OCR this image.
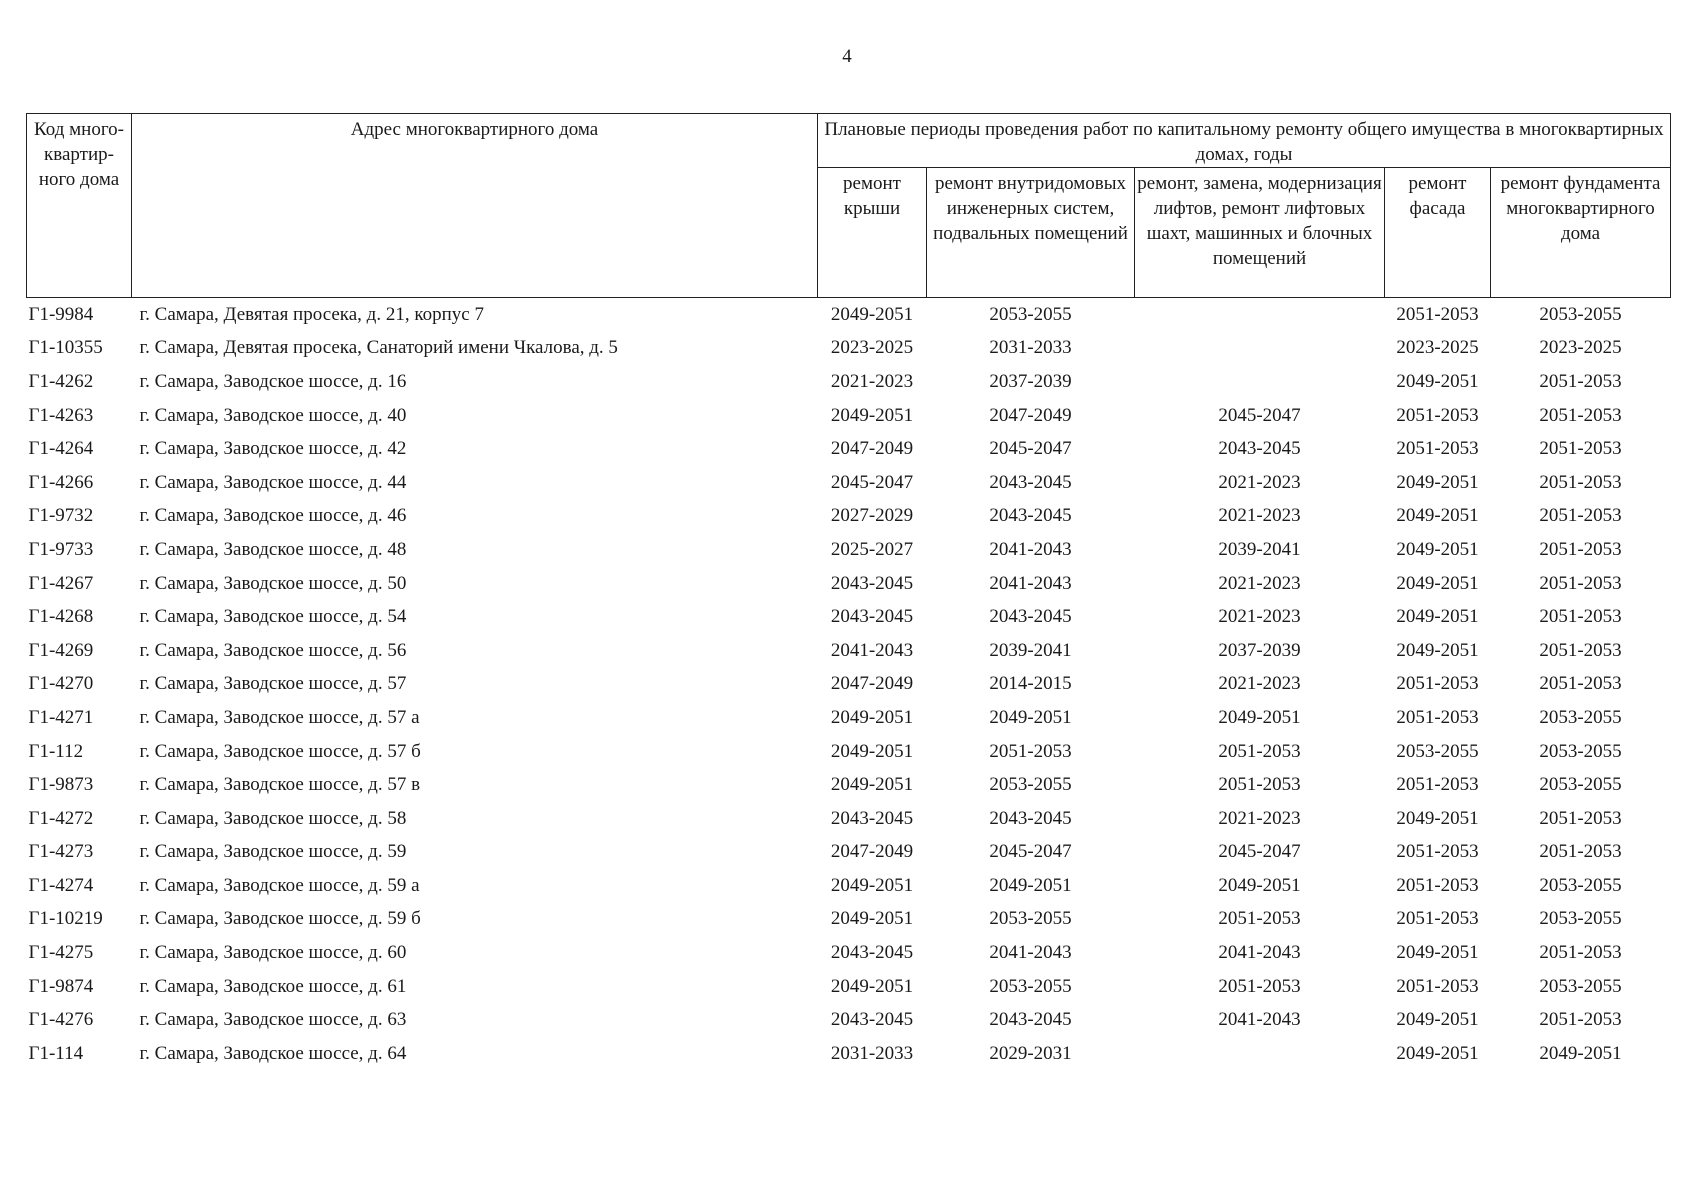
4
Код много-квартир-ного дома	Адрес многоквартирного дома	Плановые периоды проведения работ по капитальному ремонту общего имущества в многоквартирных домах, годы				
		ремонт крыши	ремонт внутридомовых инженерных систем, подвальных помещений	ремонт, замена, модернизация лифтов, ремонт лифтовых шахт, машинных и блочных помещений	ремонт фасада	ремонт фундамента многоквартирного дома
Г1-9984	г. Самара, Девятая просека, д. 21, корпус 7	2049-2051	2053-2055		2051-2053	2053-2055
Г1-10355	г. Самара, Девятая просека, Санаторий имени Чкалова, д. 5	2023-2025	2031-2033		2023-2025	2023-2025
Г1-4262	г. Самара, Заводское шоссе, д. 16	2021-2023	2037-2039		2049-2051	2051-2053
Г1-4263	г. Самара, Заводское шоссе, д. 40	2049-2051	2047-2049	2045-2047	2051-2053	2051-2053
Г1-4264	г. Самара, Заводское шоссе, д. 42	2047-2049	2045-2047	2043-2045	2051-2053	2051-2053
Г1-4266	г. Самара, Заводское шоссе, д. 44	2045-2047	2043-2045	2021-2023	2049-2051	2051-2053
Г1-9732	г. Самара, Заводское шоссе, д. 46	2027-2029	2043-2045	2021-2023	2049-2051	2051-2053
Г1-9733	г. Самара, Заводское шоссе, д. 48	2025-2027	2041-2043	2039-2041	2049-2051	2051-2053
Г1-4267	г. Самара, Заводское шоссе, д. 50	2043-2045	2041-2043	2021-2023	2049-2051	2051-2053
Г1-4268	г. Самара, Заводское шоссе, д. 54	2043-2045	2043-2045	2021-2023	2049-2051	2051-2053
Г1-4269	г. Самара, Заводское шоссе, д. 56	2041-2043	2039-2041	2037-2039	2049-2051	2051-2053
Г1-4270	г. Самара, Заводское шоссе, д. 57	2047-2049	2014-2015	2021-2023	2051-2053	2051-2053
Г1-4271	г. Самара, Заводское шоссе, д. 57 а	2049-2051	2049-2051	2049-2051	2051-2053	2053-2055
Г1-112	г. Самара, Заводское шоссе, д. 57 б	2049-2051	2051-2053	2051-2053	2053-2055	2053-2055
Г1-9873	г. Самара, Заводское шоссе, д. 57 в	2049-2051	2053-2055	2051-2053	2051-2053	2053-2055
Г1-4272	г. Самара, Заводское шоссе, д. 58	2043-2045	2043-2045	2021-2023	2049-2051	2051-2053
Г1-4273	г. Самара, Заводское шоссе, д. 59	2047-2049	2045-2047	2045-2047	2051-2053	2051-2053
Г1-4274	г. Самара, Заводское шоссе, д. 59 а	2049-2051	2049-2051	2049-2051	2051-2053	2053-2055
Г1-10219	г. Самара, Заводское шоссе, д. 59 б	2049-2051	2053-2055	2051-2053	2051-2053	2053-2055
Г1-4275	г. Самара, Заводское шоссе, д. 60	2043-2045	2041-2043	2041-2043	2049-2051	2051-2053
Г1-9874	г. Самара, Заводское шоссе, д. 61	2049-2051	2053-2055	2051-2053	2051-2053	2053-2055
Г1-4276	г. Самара, Заводское шоссе, д. 63	2043-2045	2043-2045	2041-2043	2049-2051	2051-2053
Г1-114	г. Самара, Заводское шоссе, д. 64	2031-2033	2029-2031		2049-2051	2049-2051
